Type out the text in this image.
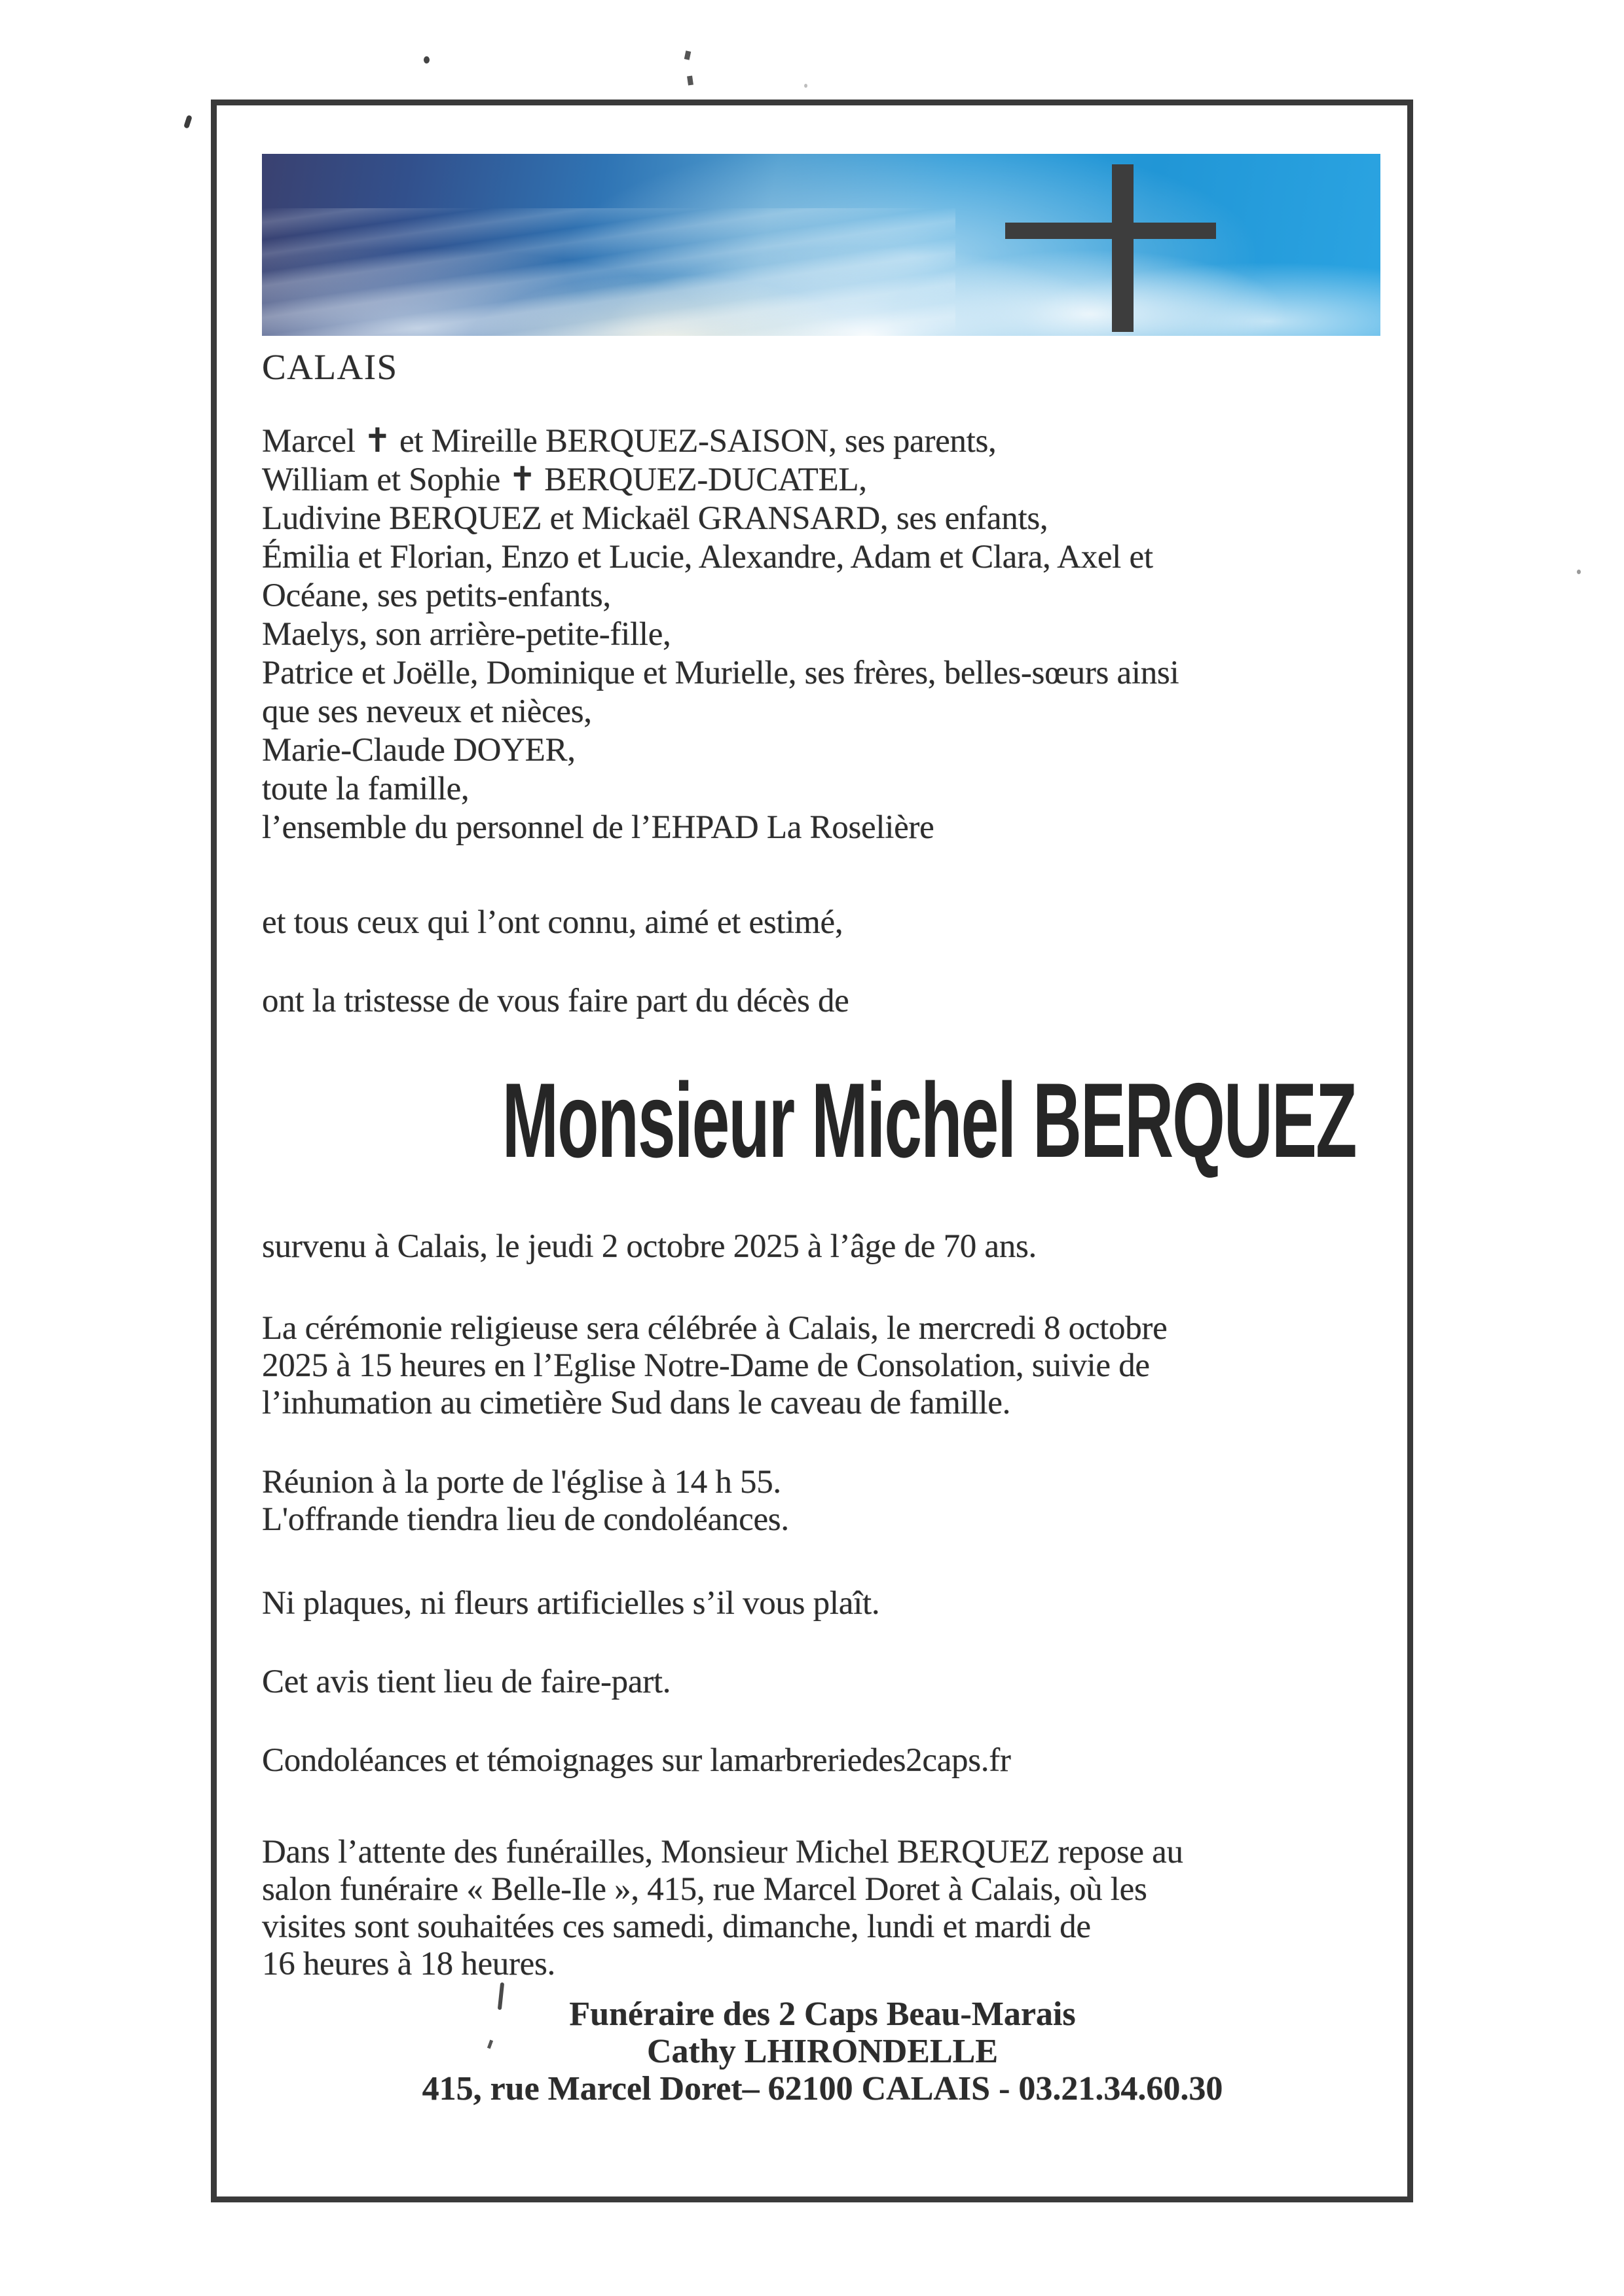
CALAIS
Marcel ✝ et Mireille BERQUEZ-SAISON, ses parents,
William et Sophie ✝ BERQUEZ-DUCATEL,
Ludivine BERQUEZ et Mickaël GRANSARD, ses enfants,
Émilia et Florian, Enzo et Lucie, Alexandre, Adam et Clara, Axel et
Océane, ses petits-enfants,
Maelys, son arrière-petite-fille,
Patrice et Joëlle, Dominique et Murielle, ses frères, belles-sœurs ainsi
que ses neveux et nièces,
Marie-Claude DOYER,
toute la famille,
l’ensemble du personnel de l’EHPAD La Roselière
et tous ceux qui l’ont connu, aimé et estimé,
ont la tristesse de vous faire part du décès de
Monsieur Michel BERQUEZ
survenu à Calais, le jeudi 2 octobre 2025 à l’âge de 70 ans.
La cérémonie religieuse sera célébrée à Calais, le mercredi 8 octobre
2025 à 15 heures en l’Eglise Notre-Dame de Consolation, suivie de
l’inhumation au cimetière Sud dans le caveau de famille.
Réunion à la porte de l'église à 14 h 55.
L'offrande tiendra lieu de condoléances.
Ni plaques, ni fleurs artificielles s’il vous plaît.
Cet avis tient lieu de faire-part.
Condoléances et témoignages sur lamarbreriedes2caps.fr
Dans l’attente des funérailles, Monsieur Michel BERQUEZ repose au
salon funéraire « Belle-Ile », 415, rue Marcel Doret à Calais, où les
visites sont souhaitées ces samedi, dimanche, lundi et mardi de
16 heures à 18 heures.
Funéraire des 2 Caps Beau-Marais
Cathy LHIRONDELLE
415, rue Marcel Doret– 62100 CALAIS - 03.21.34.60.30
